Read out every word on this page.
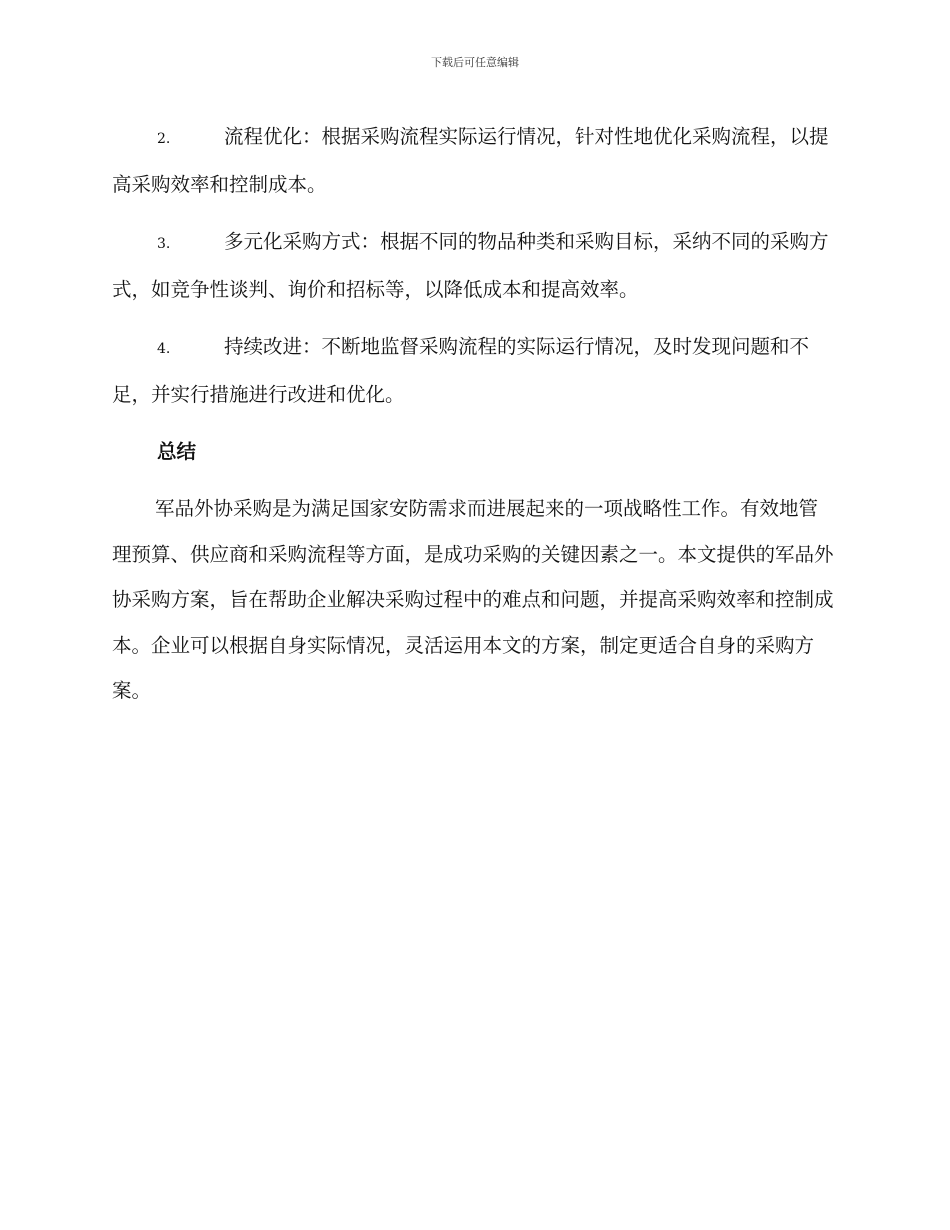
下载后可任意编辑
2.	流程优化：根据采购流程实际运行情况，针对性地优化采购流程，以提高采购效率和控制成本。
3.	多元化采购方式：根据不同的物品种类和采购目标，采纳不同的采购方式，如竞争性谈判、询价和招标等，以降低成本和提高效率。
4.	持续改进：不断地监督采购流程的实际运行情况，及时发现问题和不足，并实行措施进行改进和优化。
总结

军品外协采购是为满足国家安防需求而进展起来的一项战略性工作。有效地管理预算、供应商和采购流程等方面，是成功采购的关键因素之一。本文提供的军品外协采购方案，旨在帮助企业解决采购过程中的难点和问题，并提高采购效率和控制成本。企业可以根据自身实际情况，灵活运用本文的方案，制定更适合自身的采购方案。
